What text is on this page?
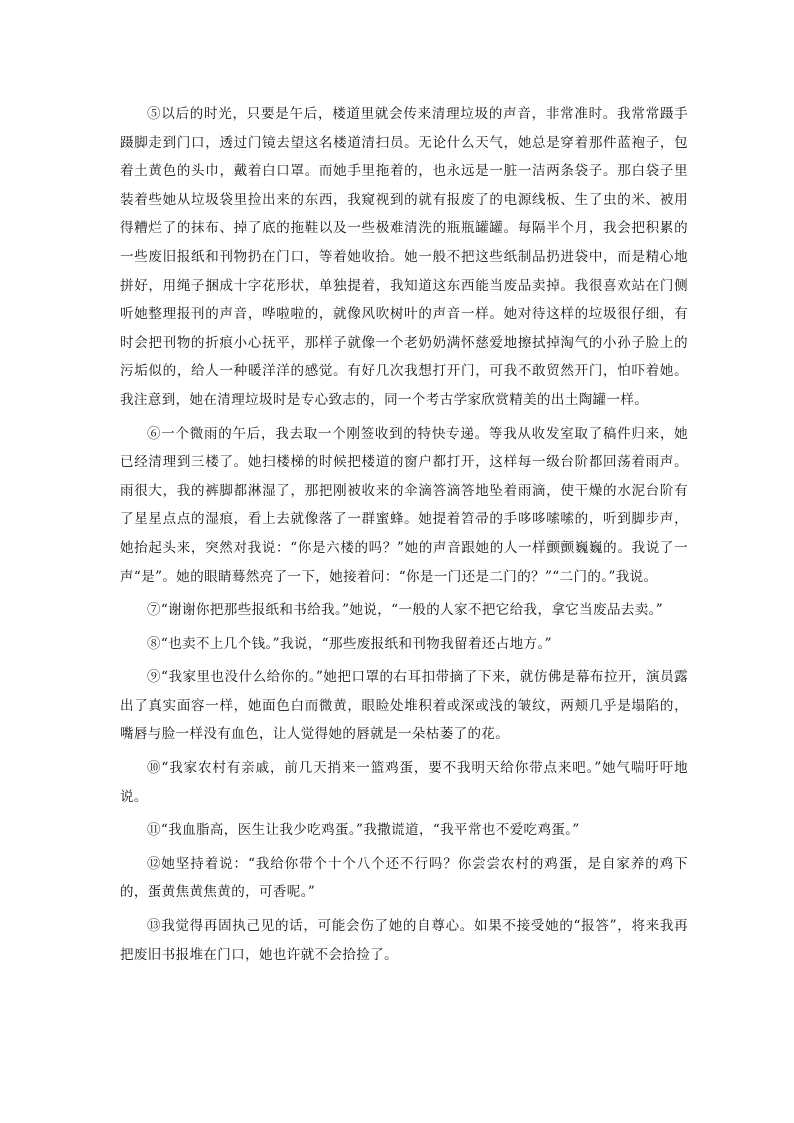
⑤以后的时光，只要是午后，楼道里就会传来清理垃圾的声音，非常准时。我常常蹑手蹑脚走到门口，透过门镜去望这名楼道清扫员。无论什么天气，她总是穿着那件蓝袍子，包着土黄色的头巾，戴着白口罩。而她手里拖着的，也永远是一脏一洁两条袋子。那白袋子里装着些她从垃圾袋里捡出来的东西，我窥视到的就有报废了的电源线板、生了虫的米、被用得糟烂了的抹布、掉了底的拖鞋以及一些极难清洗的瓶瓶罐罐。每隔半个月，我会把积累的一些废旧报纸和刊物扔在门口，等着她收拾。她一般不把这些纸制品扔进袋中，而是精心地拼好，用绳子捆成十字花形状，单独提着，我知道这东西能当废品卖掉。我很喜欢站在门侧听她整理报刊的声音，哗啦啦的，就像风吹树叶的声音一样。她对待这样的垃圾很仔细，有时会把刊物的折痕小心抚平，那样子就像一个老奶奶满怀慈爱地擦拭掉淘气的小孙子脸上的污垢似的，给人一种暖洋洋的感觉。有好几次我想打开门，可我不敢贸然开门，怕吓着她。我注意到，她在清理垃圾时是专心致志的，同一个考古学家欣赏精美的出土陶罐一样。

⑥一个微雨的午后，我去取一个刚签收到的特快专递。等我从收发室取了稿件归来，她已经清理到三楼了。她扫楼梯的时候把楼道的窗户都打开，这样每一级台阶都回荡着雨声。雨很大，我的裤脚都淋湿了，那把刚被收来的伞滴答滴答地坠着雨滴，使干燥的水泥台阶有了星星点点的湿痕，看上去就像落了一群蜜蜂。她提着笤帚的手哆哆嗦嗦的，听到脚步声，她抬起头来，突然对我说：“你是六楼的吗？”她的声音跟她的人一样颤颤巍巍的。我说了一声“是”。她的眼睛蓦然亮了一下，她接着问：“你是一门还是二门的？”“二门的。”我说。

⑦“谢谢你把那些报纸和书给我。”她说，“一般的人家不把它给我，拿它当废品去卖。”

⑧“也卖不上几个钱。”我说，“那些废报纸和刊物我留着还占地方。”

⑨“我家里也没什么给你的。”她把口罩的右耳扣带摘了下来，就仿佛是幕布拉开，演员露出了真实面容一样，她面色白而微黄，眼睑处堆积着或深或浅的皱纹，两颊几乎是塌陷的，嘴唇与脸一样没有血色，让人觉得她的唇就是一朵枯萎了的花。

⑩“我家农村有亲戚，前几天捎来一篮鸡蛋，要不我明天给你带点来吧。”她气喘吁吁地说。

⑪“我血脂高，医生让我少吃鸡蛋。”我撒谎道，“我平常也不爱吃鸡蛋。”

⑫她坚持着说：“我给你带个十个八个还不行吗？你尝尝农村的鸡蛋，是自家养的鸡下的，蛋黄焦黄焦黄的，可香呢。”

⑬我觉得再固执己见的话，可能会伤了她的自尊心。如果不接受她的“报答”，将来我再把废旧书报堆在门口，她也许就不会拾捡了。
